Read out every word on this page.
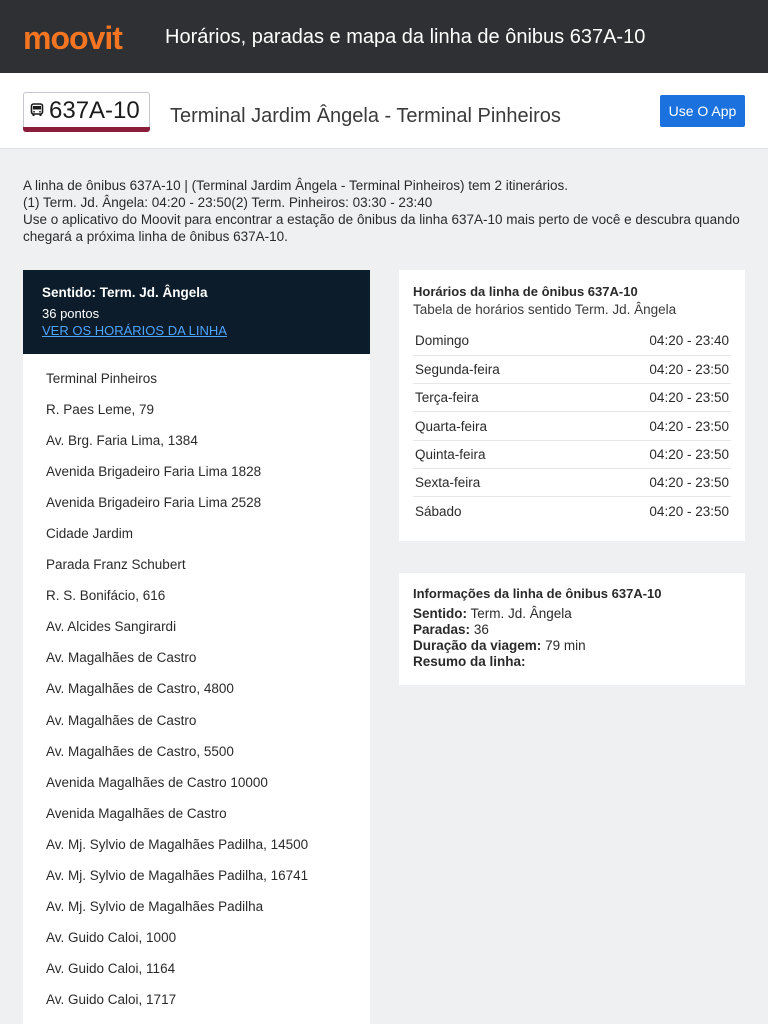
moovit Horários, paradas e mapa da linha de ônibus 637A-10
637A-10 Terminal Jardim Ângela - Terminal Pinheiros	Use O App

A linha de ônibus 637A-10 | (Terminal Jardim Ângela - Terminal Pinheiros) tem 2 itinerários.

(1) Term. Jd. Ângela: 04:20 - 23:50(2) Term. Pinheiros: 03:30 - 23:40

Use o aplicativo do Moovit para encontrar a estação de ônibus da linha 637A-10 mais perto de você e descubra quando chegará a próxima linha de ônibus 637A-10.

Sentido: Term. Jd. Ângela
36 pontos
VER OS HORÁRIOS DA LINHA
Terminal Pinheiros
R. Paes Leme, 79
Av. Brg. Faria Lima, 1384
Avenida Brigadeiro Faria Lima 1828
Avenida Brigadeiro Faria Lima 2528
Cidade Jardim
Parada Franz Schubert
R. S. Bonifácio, 616
Av. Alcides Sangirardi
Av. Magalhães de Castro
Av. Magalhães de Castro, 4800
Av. Magalhães de Castro
Av. Magalhães de Castro, 5500
Avenida Magalhães de Castro 10000
Avenida Magalhães de Castro
Av. Mj. Sylvio de Magalhães Padilha, 14500
Av. Mj. Sylvio de Magalhães Padilha, 16741
Av. Mj. Sylvio de Magalhães Padilha
Av. Guido Caloi, 1000
Av. Guido Caloi, 1164
Av. Guido Caloi, 1717
Horários da linha de ônibus 637A-10
Tabela de horários sentido Term. Jd. Ângela
Domingo	04:20 - 23:40
Segunda-feira	04:20 - 23:50
Terça-feira	04:20 - 23:50
Quarta-feira	04:20 - 23:50
Quinta-feira	04:20 - 23:50
Sexta-feira	04:20 - 23:50
Sábado	04:20 - 23:50
Informações da linha de ônibus 637A-10
Sentido: Term. Jd. Ângela
Paradas: 36
Duração da viagem: 79 min
Resumo da linha:
